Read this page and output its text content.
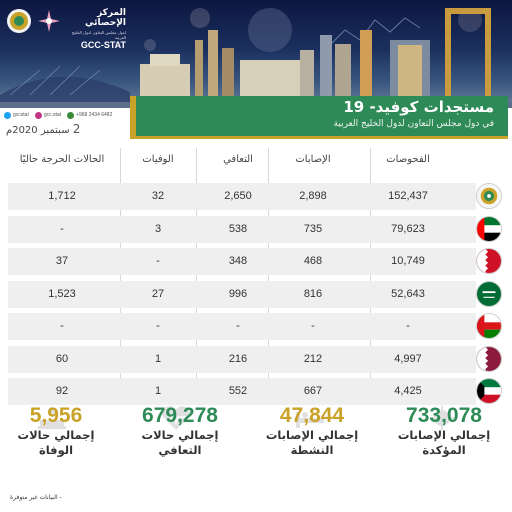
المركز الإحصائي
لدول مجلس التعاون لدول الخليج العربية
GCC-STAT
gccstat	gcc.stat	+968 2434 6482
2 سبتمبر 2020م
مستجدات كوفيد- 19
في دول مجلس التعاون لدول الخليج العربية
الفحوصات
الإصابات
التعافي
الوفيات
الحالات الحرجة حاليًا
152,437
2,898
2,650
32
1,712
79,623
735
538
3
-
10,749
468
348
-
37
52,643
816
996
27
1,523
-
-
-
-
-
4,997
212
216
1
60
4,425
667
552
1
92
733,078
إجمالي الإصابات
المؤكدة
47,844
إجمالي الإصابات
النشطة
679,278
إجمالي حالات
التعافي
5,956
إجمالي حالات
الوفاة
- البيانات غير متوفرة
